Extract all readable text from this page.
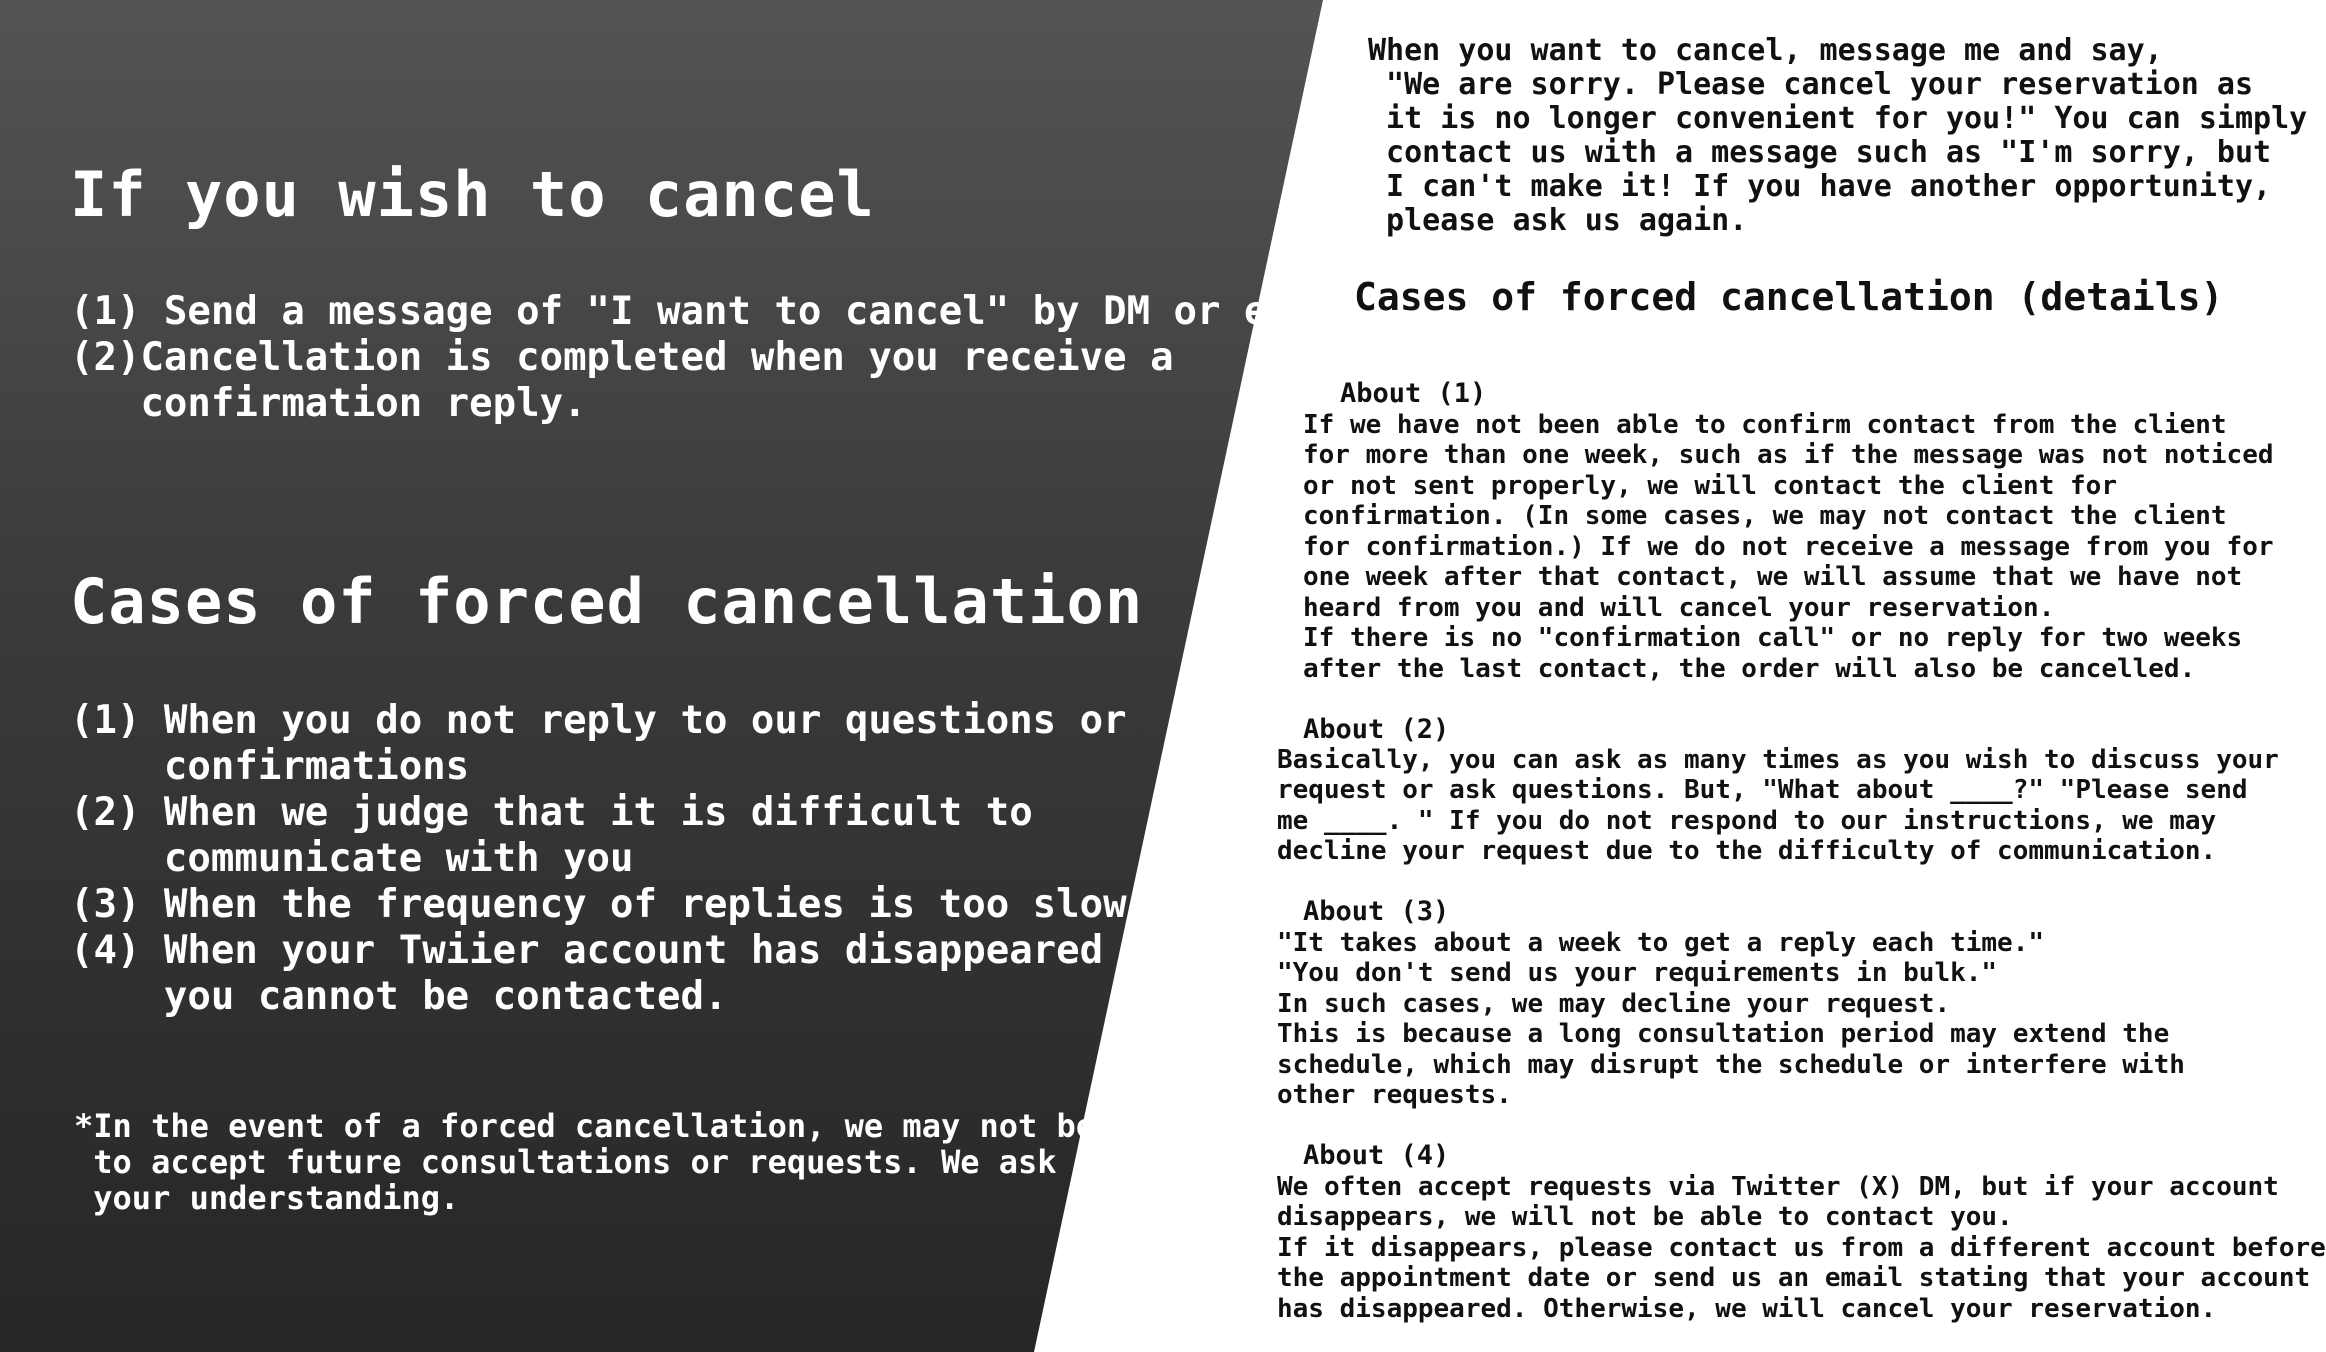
If you wish to cancel
(1) Send a message of "I want to cancel" by DM or e-mail.
(2)Cancellation is completed when you receive a
confirmation reply.
Cases of forced cancellation
(1) When you do not reply to our questions or
confirmations
(2) When we judge that it is difficult to
communicate with you
(3) When the frequency of replies is too slow
(4) When your Twiier account has disappeared and
you cannot be contacted.
*In the event of a forced cancellation, we may not be able
to accept future consultations or requests. We ask for
your understanding.
When you want to cancel, message me and say,
"We are sorry. Please cancel your reservation as
it is no longer convenient for you!" You can simply
contact us with a message such as "I'm sorry, but
I can't make it! If you have another opportunity,
please ask us again.
Cases of forced cancellation (details)
About (1)
If we have not been able to confirm contact from the client
for more than one week, such as if the message was not noticed
or not sent properly, we will contact the client for
confirmation. (In some cases, we may not contact the client
for confirmation.) If we do not receive a message from you for
one week after that contact, we will assume that we have not
heard from you and will cancel your reservation.
If there is no "confirmation call" or no reply for two weeks
after the last contact, the order will also be cancelled.
About (2)
Basically, you can ask as many times as you wish to discuss your
request or ask questions. But, "What about ____?" "Please send
me ____. " If you do not respond to our instructions, we may
decline your request due to the difficulty of communication.
About (3)
"It takes about a week to get a reply each time."
"You don't send us your requirements in bulk."
In such cases, we may decline your request.
This is because a long consultation period may extend the
schedule, which may disrupt the schedule or interfere with
other requests.
About (4)
We often accept requests via Twitter (X) DM, but if your account
disappears, we will not be able to contact you.
If it disappears, please contact us from a different account before
the appointment date or send us an email stating that your account
has disappeared. Otherwise, we will cancel your reservation.
